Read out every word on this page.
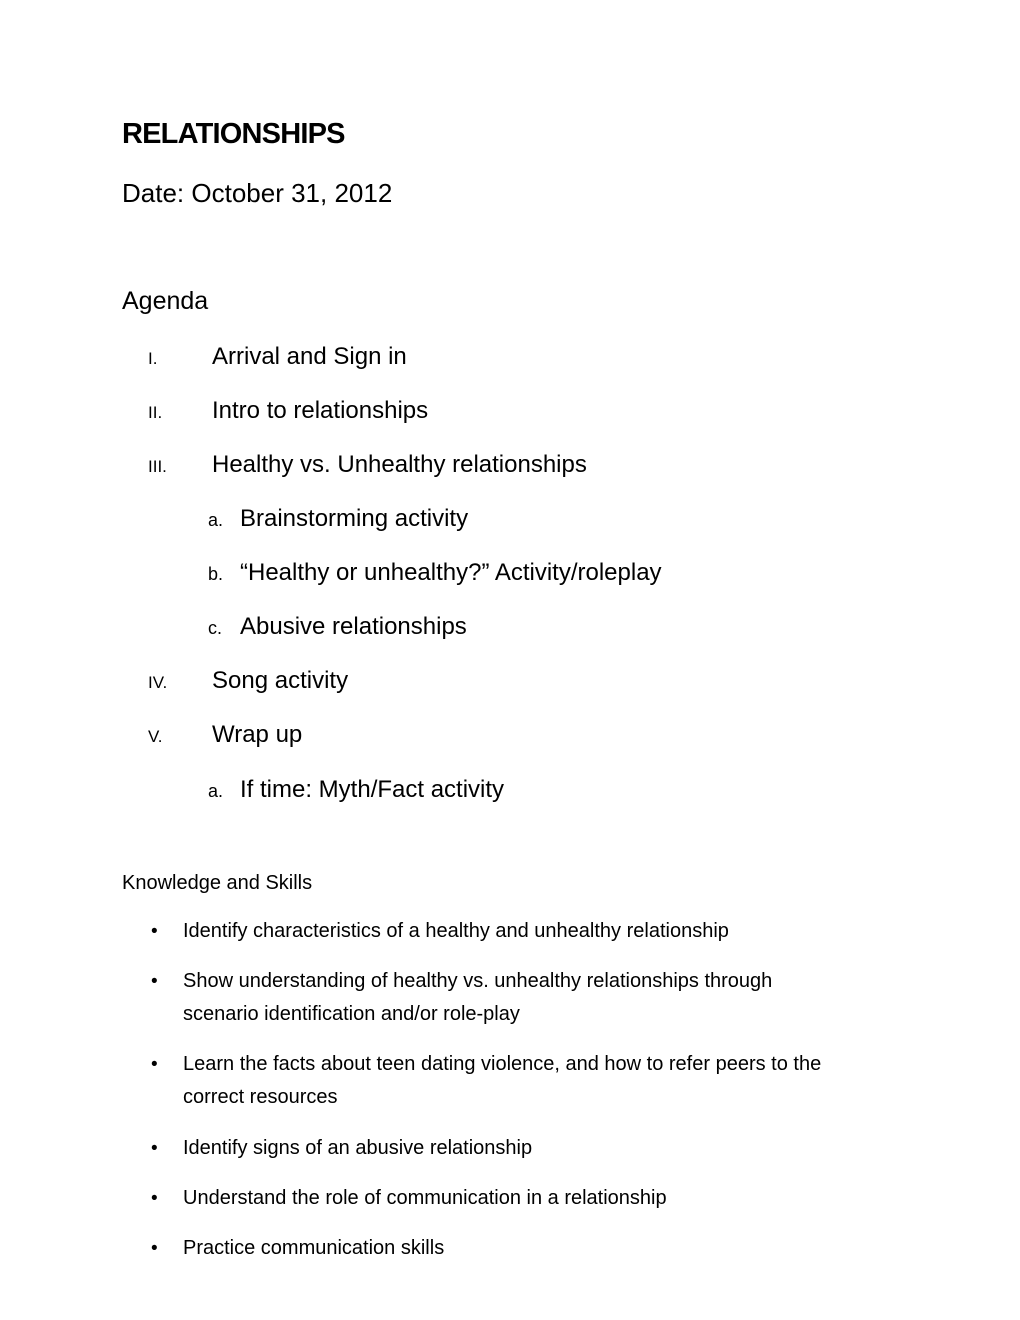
RELATIONSHIPS

Date: October 31, 2012

Agenda
I. Arrival and Sign in
II. Intro to relationships
III. Healthy vs. Unhealthy relationships
a. Brainstorming activity
b. “Healthy or unhealthy?” Activity/roleplay
c. Abusive relationships
IV. Song activity
V. Wrap up
a. If time: Myth/Fact activity
Knowledge and Skills
• Identify characteristics of a healthy and unhealthy relationship
• Show understanding of healthy vs. unhealthy relationships through
scenario identification and/or role-play
• Learn the facts about teen dating violence, and how to refer peers to the
correct resources
• Identify signs of an abusive relationship
• Understand the role of communication in a relationship
• Practice communication skills
